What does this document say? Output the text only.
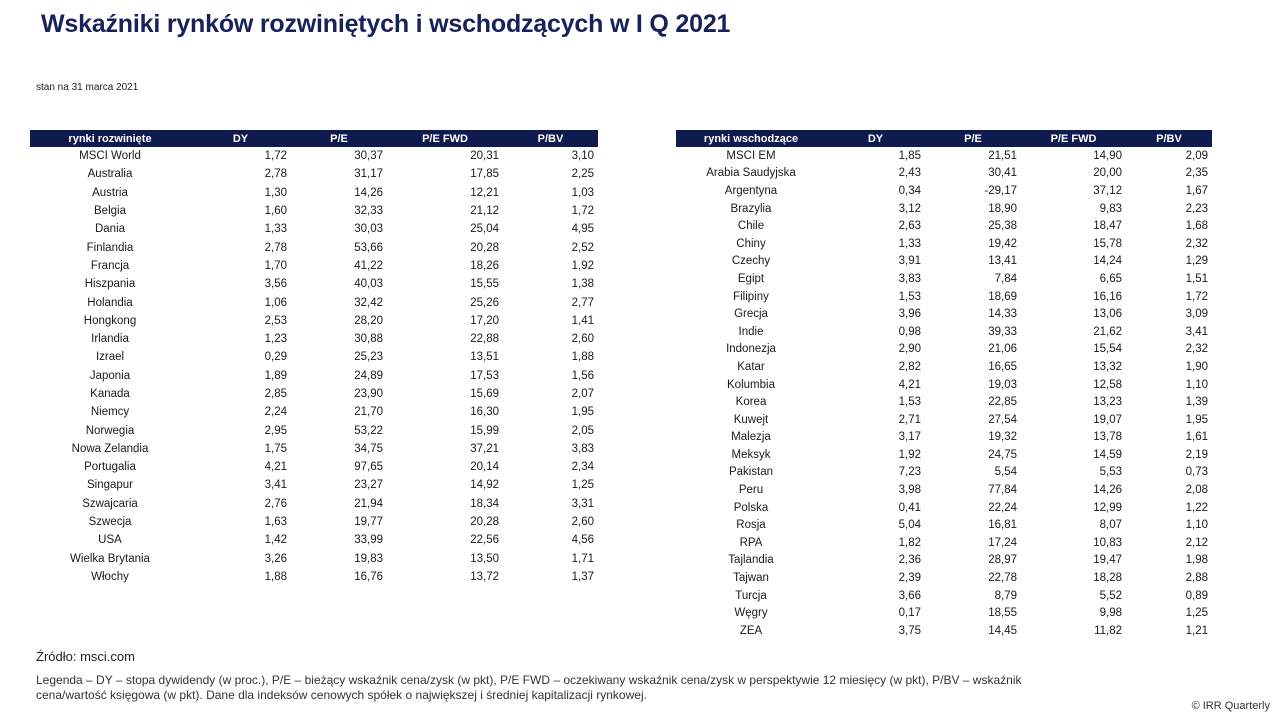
Wskaźniki rynków rozwiniętych i wschodzących w I Q 2021
stan na 31 marca 2021
rynki rozwinięte	DY	P/E	P/E FWD	P/BV
MSCI World	1,72	30,37	20,31	3,10
Australia	2,78	31,17	17,85	2,25
Austria	1,30	14,26	12,21	1,03
Belgia	1,60	32,33	21,12	1,72
Dania	1,33	30,03	25,04	4,95
Finlandia	2,78	53,66	20,28	2,52
Francja	1,70	41,22	18,26	1,92
Hiszpania	3,56	40,03	15,55	1,38
Holandia	1,06	32,42	25,26	2,77
Hongkong	2,53	28,20	17,20	1,41
Irlandia	1,23	30,88	22,88	2,60
Izrael	0,29	25,23	13,51	1,88
Japonia	1,89	24,89	17,53	1,56
Kanada	2,85	23,90	15,69	2,07
Niemcy	2,24	21,70	16,30	1,95
Norwegia	2,95	53,22	15,99	2,05
Nowa Zelandia	1,75	34,75	37,21	3,83
Portugalia	4,21	97,65	20,14	2,34
Singapur	3,41	23,27	14,92	1,25
Szwajcaria	2,76	21,94	18,34	3,31
Szwecja	1,63	19,77	20,28	2,60
USA	1,42	33,99	22,56	4,56
Wielka Brytania	3,26	19,83	13,50	1,71
Włochy	1,88	16,76	13,72	1,37
rynki wschodzące	DY	P/E	P/E FWD	P/BV
MSCI EM	1,85	21,51	14,90	2,09
Arabia Saudyjska	2,43	30,41	20,00	2,35
Argentyna	0,34	-29,17	37,12	1,67
Brazylia	3,12	18,90	9,83	2,23
Chile	2,63	25,38	18,47	1,68
Chiny	1,33	19,42	15,78	2,32
Czechy	3,91	13,41	14,24	1,29
Egipt	3,83	7,84	6,65	1,51
Filipiny	1,53	18,69	16,16	1,72
Grecja	3,96	14,33	13,06	3,09
Indie	0,98	39,33	21,62	3,41
Indonezja	2,90	21,06	15,54	2,32
Katar	2,82	16,65	13,32	1,90
Kolumbia	4,21	19,03	12,58	1,10
Korea	1,53	22,85	13,23	1,39
Kuwejt	2,71	27,54	19,07	1,95
Malezja	3,17	19,32	13,78	1,61
Meksyk	1,92	24,75	14,59	2,19
Pakistan	7,23	5,54	5,53	0,73
Peru	3,98	77,84	14,26	2,08
Polska	0,41	22,24	12,99	1,22
Rosja	5,04	16,81	8,07	1,10
RPA	1,82	17,24	10,83	2,12
Tajlandia	2,36	28,97	19,47	1,98
Tajwan	2,39	22,78	18,28	2,88
Turcja	3,66	8,79	5,52	0,89
Węgry	0,17	18,55	9,98	1,25
ZEA	3,75	14,45	11,82	1,21
Źródło: msci.com
Legenda – DY – stopa dywidendy (w proc.), P/E – bieżący wskaźnik cena/zysk (w pkt), P/E FWD – oczekiwany wskaźnik cena/zysk w perspektywie 12 miesięcy (w pkt), P/BV – wskaźnik cena/wartość księgowa (w pkt). Dane dla indeksów cenowych spółek o największej i średniej kapitalizacji rynkowej.
© IRR Quarterly
